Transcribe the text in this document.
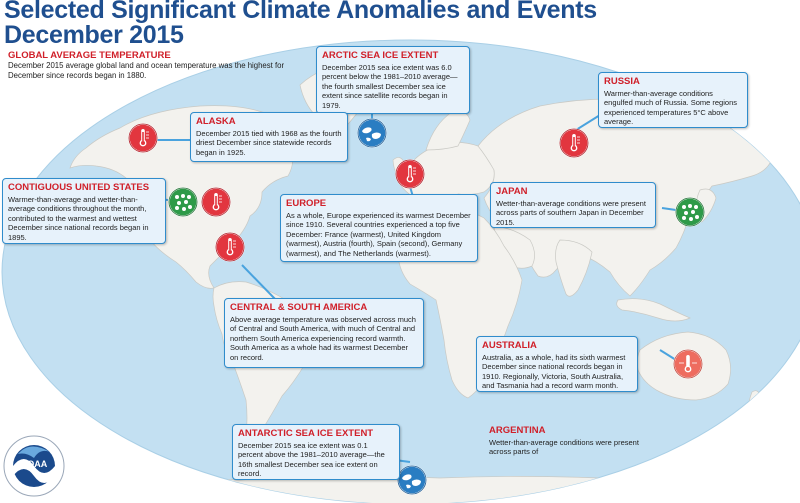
NOAA
Selected Significant Climate Anomalies and Events
December 2015
GLOBAL AVERAGE TEMPERATURE
December 2015 average global land and ocean temperature was the highest for December since records began in 1880.
ARCTIC SEA ICE EXTENT

December 2015 sea ice extent was 6.0 percent below the 1981–2010 average—the fourth smallest December sea ice extent since satellite records began in 1979.

RUSSIA

Warmer-than-average conditions engulfed much of Russia. Some regions experienced temperatures 5°C above average.

ALASKA

December 2015 tied with 1968 as the fourth driest December since statewide records began in 1925.

CONTIGUOUS UNITED STATES

Warmer-than-average and wetter-than-average conditions throughout the month, contributed to the warmest and wettest December since national records began in 1895.

EUROPE

As a whole, Europe experienced its warmest December since 1910. Several countries experienced a top five December: France (warmest), United Kingdom (warmest), Austria (fourth), Spain (second), Germany (warmest), and The Netherlands (warmest).

JAPAN

Wetter-than-average conditions were present across parts of southern Japan in December 2015.

CENTRAL & SOUTH AMERICA

Above average temperature was observed across much of Central and South America, with much of Central and northern South America experiencing record warmth. South America as a whole had its warmest December on record.

AUSTRALIA

Australia, as a whole, had its sixth warmest December since national records began in 1910. Regionally, Victoria, South Australia, and Tasmania had a record warm month.

ANTARCTIC SEA ICE EXTENT

December 2015 sea ice extent was 0.1 percent above the 1981–2010 average—the 16th smallest December sea ice extent on record.

ARGENTINA

Wetter-than-average conditions were present across parts of
